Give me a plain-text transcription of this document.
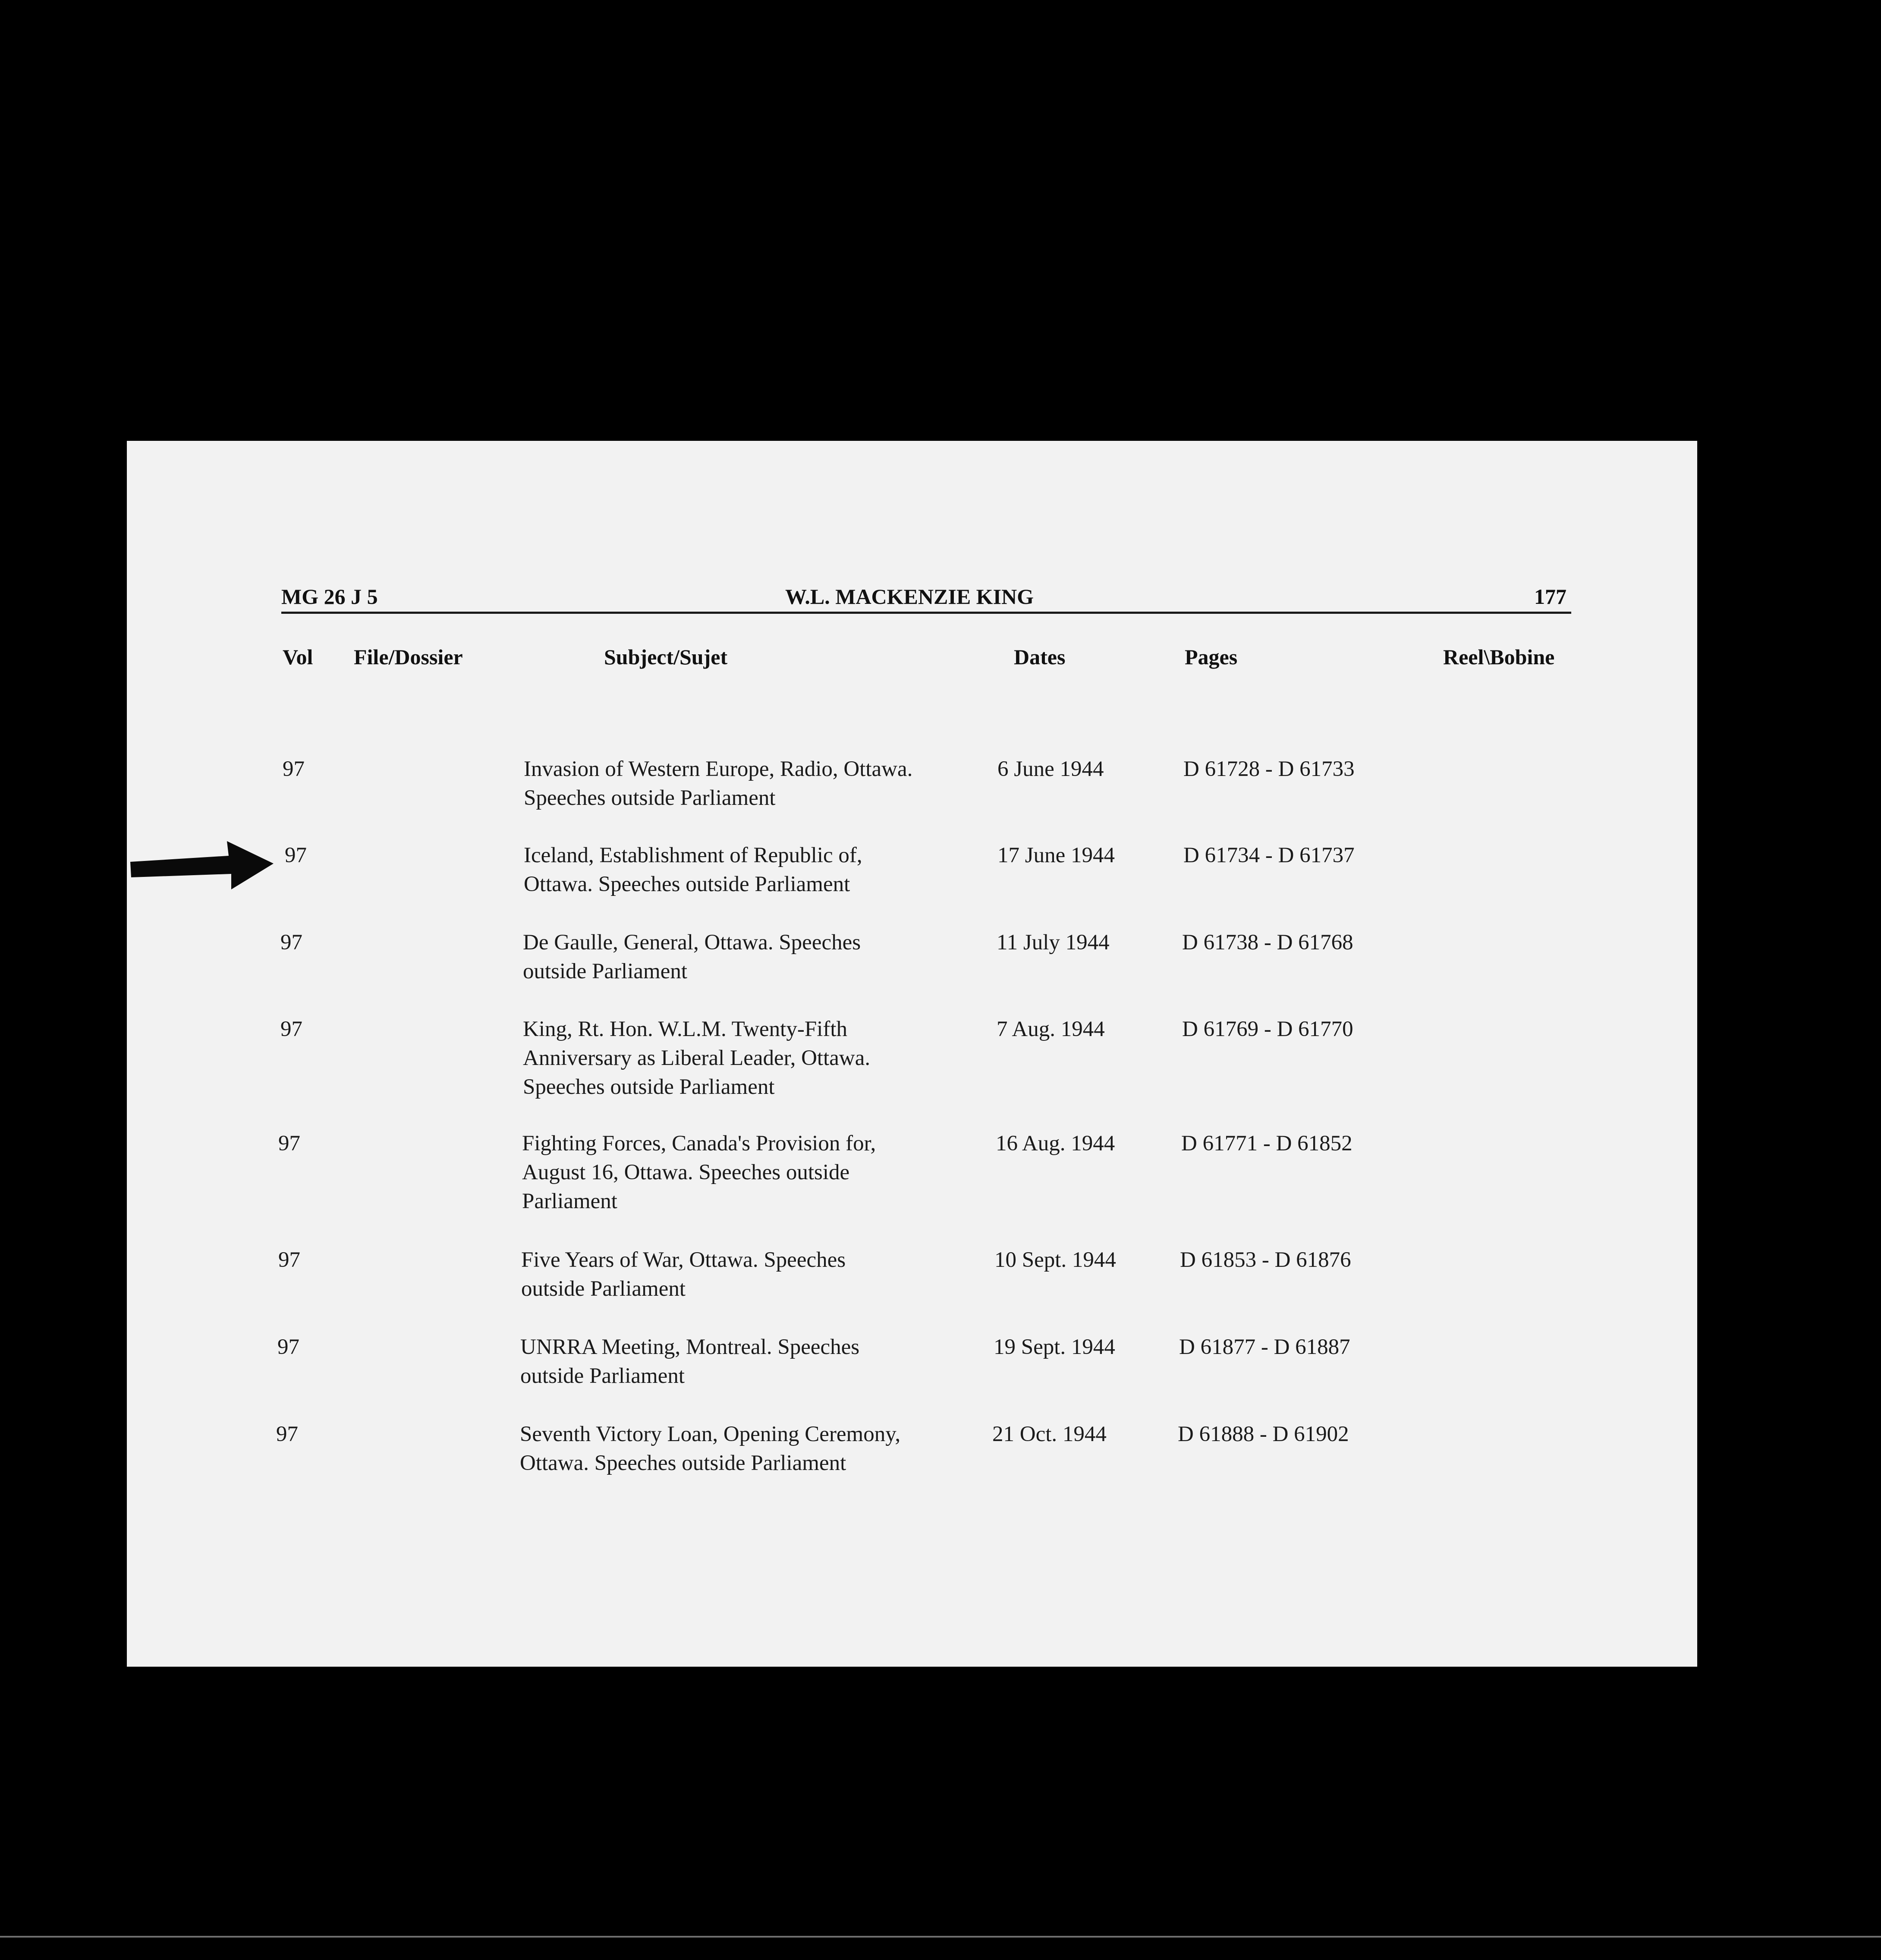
MG 26 J 5	W.L. MACKENZIE KING	177
Vol File/Dossier	Subject/Sujet	Dates	Pages	Reel\Bobine
97	Invasion of Western Europe, Radio, Ottawa.
Speeches outside Parliament
6 June 1944	D 61728 - D 61733
97	Iceland, Establishment of Republic of,
Ottawa. Speeches outside Parliament
17 June 1944	D 61734 - D 61737
97	De Gaulle, General, Ottawa. Speeches
outside Parliament
11 July 1944	D 61738 - D 61768
97	King, Rt. Hon. W.L.M. Twenty-Fifth
Anniversary as Liberal Leader, Ottawa.
Speeches outside Parliament
7 Aug. 1944	D 61769 - D 61770
97	Fighting Forces, Canada's Provision for,
August 16, Ottawa. Speeches outside
Parliament
16 Aug. 1944	D 61771 - D 61852
97	Five Years of War, Ottawa. Speeches
outside Parliament
10 Sept. 1944	D 61853 - D 61876
97	UNRRA Meeting, Montreal. Speeches
outside Parliament
19 Sept. 1944	D 61877 - D 61887
97	Seventh Victory Loan, Opening Ceremony,
Ottawa. Speeches outside Parliament
21 Oct. 1944	D 61888 - D 61902
